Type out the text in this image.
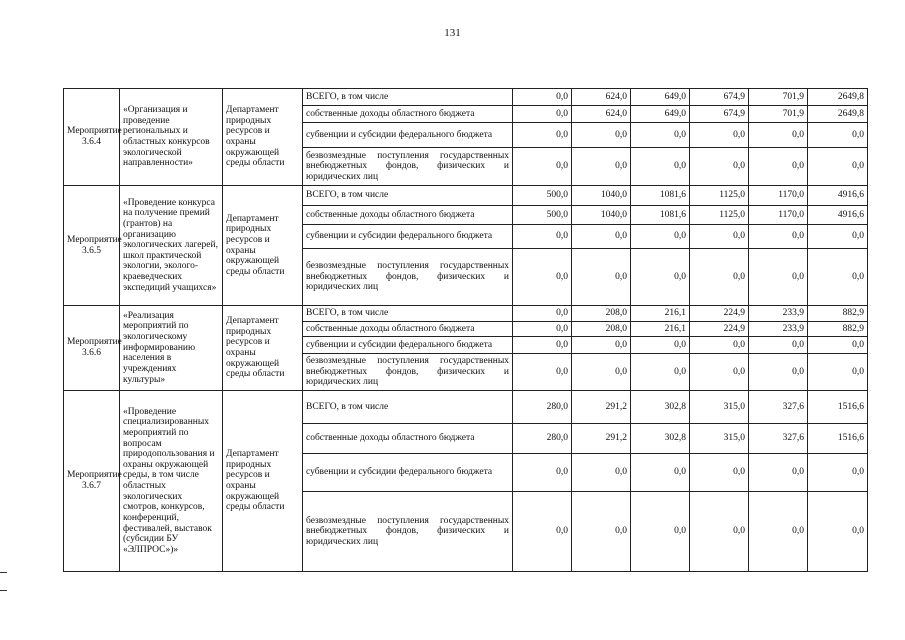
131
Мероприятие 3.6.4	«Организация и проведение региональных и областных конкурсов экологической направленности»	Департамент природных ресурсов и охраны окружающей среды области	ВСЕГО, в том числе	0,0	624,0	649,0	674,9	701,9	2649,8
			собственные доходы областного бюджета	0,0	624,0	649,0	674,9	701,9	2649,8
			субвенции и субсидии федерального бюджета	0,0	0,0	0,0	0,0	0,0	0,0
			безвозмездные поступления государственных внебюджетных фондов, физических и юридических лиц	0,0	0,0	0,0	0,0	0,0	0,0
Мероприятие 3.6.5	«Проведение конкурса на получение премий (грантов) на организацию экологических лагерей, школ практической экологии, эколого-краеведческих экспедиций учащихся»	Департамент природных ресурсов и охраны окружающей среды области	ВСЕГО, в том числе	500,0	1040,0	1081,6	1125,0	1170,0	4916,6
			собственные доходы областного бюджета	500,0	1040,0	1081,6	1125,0	1170,0	4916,6
			субвенции и субсидии федерального бюджета	0,0	0,0	0,0	0,0	0,0	0,0
			безвозмездные поступления государственных внебюджетных фондов, физических и юридических лиц	0,0	0,0	0,0	0,0	0,0	0,0
Мероприятие 3.6.6	«Реализация мероприятий по экологическому информированию населения в учреждениях культуры»	Департамент природных ресурсов и охраны окружающей среды области	ВСЕГО, в том числе	0,0	208,0	216,1	224,9	233,9	882,9
			собственные доходы областного бюджета	0,0	208,0	216,1	224,9	233,9	882,9
			субвенции и субсидии федерального бюджета	0,0	0,0	0,0	0,0	0,0	0,0
			безвозмездные поступления государственных внебюджетных фондов, физических и юридических лиц	0,0	0,0	0,0	0,0	0,0	0,0
Мероприятие 3.6.7	«Проведение специализированных мероприятий по вопросам природопользования и охраны окружающей среды, в том числе областных экологических смотров, конкурсов, конференций, фестивалей, выставок (субсидии БУ «ЭЛПРОС»)»	Департамент природных ресурсов и охраны окружающей среды области	ВСЕГО, в том числе	280,0	291,2	302,8	315,0	327,6	1516,6
			собственные доходы областного бюджета	280,0	291,2	302,8	315,0	327,6	1516,6
			субвенции и субсидии федерального бюджета	0,0	0,0	0,0	0,0	0,0	0,0
			безвозмездные поступления государственных внебюджетных фондов, физических и юридических лиц	0,0	0,0	0,0	0,0	0,0	0,0
